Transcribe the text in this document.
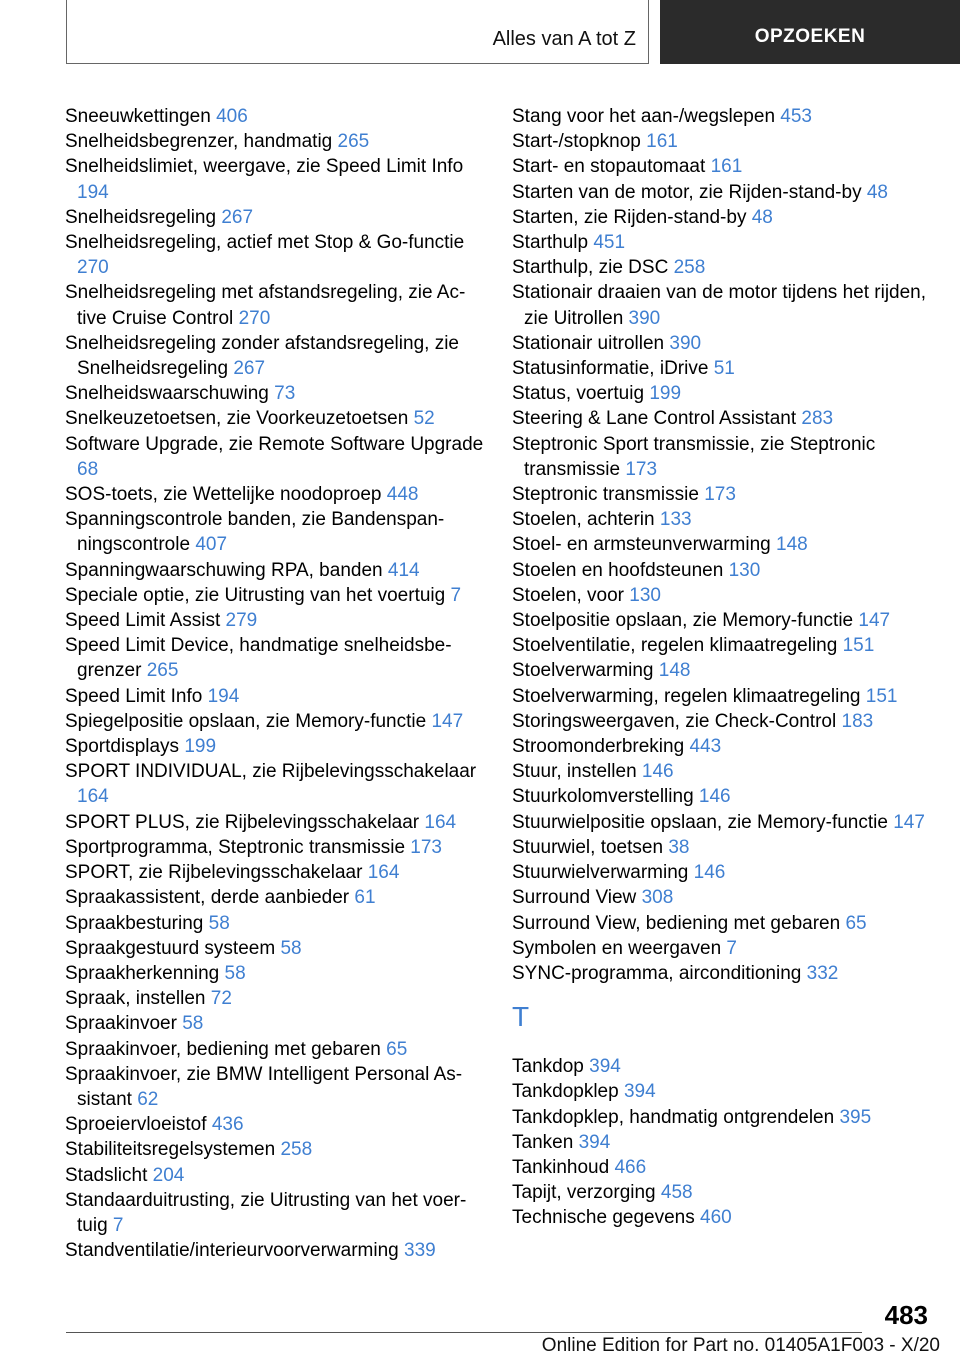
Alles van A tot Z	OPZOEKEN
Sneeuwkettingen 406
Snelheidsbegrenzer, handmatig 265
Snelheidslimiet, weergave, zie Speed Limit Info 194
Snelheidsregeling 267
Snelheidsregeling, actief met Stop & Go-functie 270
Snelheidsregeling met afstandsregeling, zie Active Cruise Control 270
Snelheidsregeling zonder afstandsregeling, zie Snelheidsregeling 267
Snelheidswaarschuwing 73
Snelkeuzetoetsen, zie Voorkeuzetoetsen 52
Software Upgrade, zie Remote Software Upgrade 68
SOS-toets, zie Wettelijke noodoproep 448
Spanningscontrole banden, zie Bandenspanningscontrole 407
Spanningwaarschuwing RPA, banden 414
Speciale optie, zie Uitrusting van het voertuig 7
Speed Limit Assist 279
Speed Limit Device, handmatige snelheidsbegrenzer 265
Speed Limit Info 194
Spiegelpositie opslaan, zie Memory-functie 147
Sportdisplays 199
SPORT INDIVIDUAL, zie Rijbelevingsschakelaar 164
SPORT PLUS, zie Rijbelevingsschakelaar 164
Sportprogramma, Steptronic transmissie 173
SPORT, zie Rijbelevingsschakelaar 164
Spraakassistent, derde aanbieder 61
Spraakbesturing 58
Spraakgestuurd systeem 58
Spraakherkenning 58
Spraak, instellen 72
Spraakinvoer 58
Spraakinvoer, bediening met gebaren 65
Spraakinvoer, zie BMW Intelligent Personal Assistant 62
Sproeiervloeistof 436
Stabiliteitsregelsystemen 258
Stadslicht 204
Standaarduitrusting, zie Uitrusting van het voertuig 7
Standventilatie/interieurvoorverwarming 339
Stang voor het aan-/wegslepen 453
Start-/stopknop 161
Start- en stopautomaat 161
Starten van de motor, zie Rijden-stand-by 48
Starten, zie Rijden-stand-by 48
Starthulp 451
Starthulp, zie DSC 258
Stationair draaien van de motor tijdens het rijden, zie Uitrollen 390
Stationair uitrollen 390
Statusinformatie, iDrive 51
Status, voertuig 199
Steering & Lane Control Assistant 283
Steptronic Sport transmissie, zie Steptronic transmissie 173
Steptronic transmissie 173
Stoelen, achterin 133
Stoel- en armsteunverwarming 148
Stoelen en hoofdsteunen 130
Stoelen, voor 130
Stoelpositie opslaan, zie Memory-functie 147
Stoelventilatie, regelen klimaatregeling 151
Stoelverwarming 148
Stoelverwarming, regelen klimaatregeling 151
Storingsweergaven, zie Check-Control 183
Stroomonderbreking 443
Stuur, instellen 146
Stuurkolomverstelling 146
Stuurwielpositie opslaan, zie Memory-functie 147
Stuurwiel, toetsen 38
Stuurwielverwarming 146
Surround View 308
Surround View, bediening met gebaren 65
Symbolen en weergaven 7
SYNC-programma, airconditioning 332
T
Tankdop 394
Tankdopklep 394
Tankdopklep, handmatig ontgrendelen 395
Tanken 394
Tankinhoud 466
Tapijt, verzorging 458
Technische gegevens 460
483
Online Edition for Part no. 01405A1F003 - X/20
